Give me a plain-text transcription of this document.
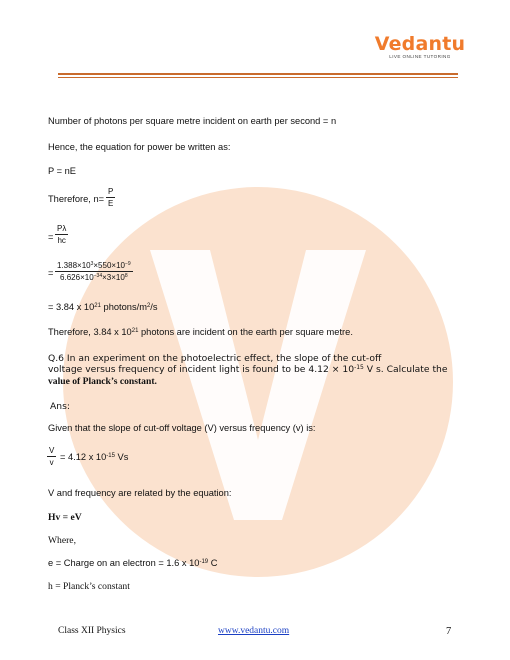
Vedantu
LIVE ONLINE TUTORING
Number of photons per square metre incident on earth per second = n
Hence, the equation for power be written as:
P = nE
Therefore, $n= \frac{P}{E}$
= $\frac{P\lambda}{hc}$
= $\frac{1.388\times 10^3\times 550\times 10^{-9}}{6.626\times 10^{-34}\times 3\times 10^8}$
= 3.84 x $10^{21}$ photons/$m^2/s$
Therefore, 3.84 x $10^{21}$ photons are incident on the earth per square metre.
Q.6 In an experiment on the photoelectric effect, the slope of the cut-off
voltage versus frequency of incident light is found to be $4.12 \times 10^{-15}$ V s. Calculate the
value of Planck’s constant.
Ans:
Given that the slope of cut-off voltage (V) versus frequency (v) is:
$\frac{V}{v} = 4.12$ x $10^{-15}$ Vs
V and frequency are related by the equation:
Hv = eV
Where,
e = Charge on an electron = 1.6 x $10^{-19}$ C
h = Planck’s constant
Class XII Physics	www.vedantu.com	7
